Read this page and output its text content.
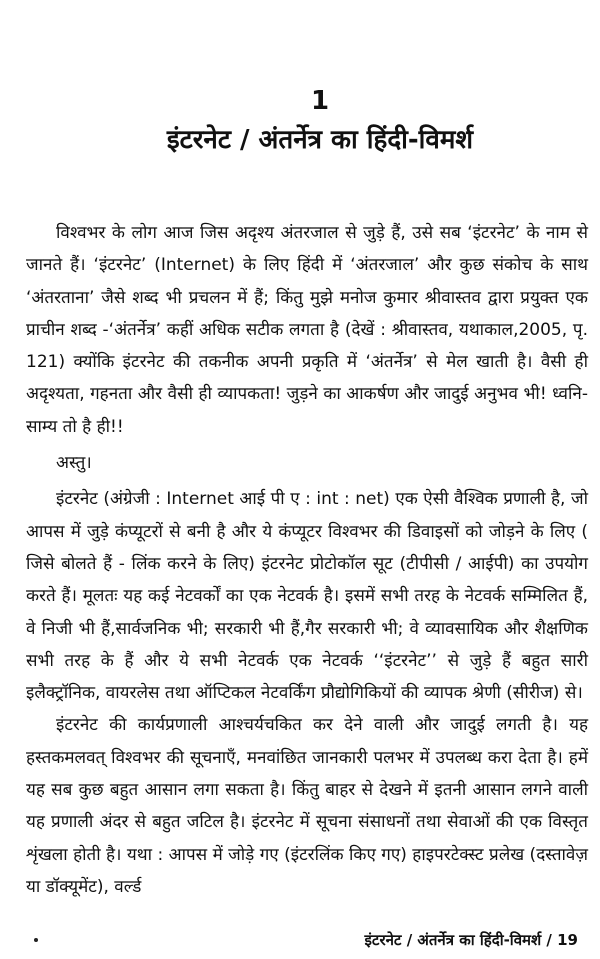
1
इंटरनेट / अंतर्नेत्र का हिंदी-विमर्श

विश्वभर के लोग आज जिस अदृश्य अंतरजाल से जुड़े हैं, उसे सब ‘इंटरनेट’ के नाम से जानते हैं। ‘इंटरनेट’ (Internet) के लिए हिंदी में ‘अंतरजाल’ और कुछ संकोच के साथ ‘अंतरताना’ जैसे शब्द भी प्रचलन में हैं; किंतु मुझे मनोज कुमार श्रीवास्तव द्वारा प्रयुक्त एक प्राचीन शब्द -‘अंतर्नेत्र’ कहीं अधिक सटीक लगता है (देखें : श्रीवास्तव, यथाकाल,2005, पृ. 121) क्योंकि इंटरनेट की तकनीक अपनी प्रकृति में ‘अंतर्नेत्र’ से मेल खाती है। वैसी ही अदृश्यता, गहनता और वैसी ही व्यापकता! जुड़ने का आकर्षण और जादुई अनुभव भी! ध्वनि-साम्य तो है ही!!

अस्तु।

इंटरनेट (अंग्रेजी : Internet आई पी ए : int : net) एक ऐसी वैश्विक प्रणाली है, जो आपस में जुड़े कंप्यूटरों से बनी है और ये कंप्यूटर विश्वभर की डिवाइसों को जोड़ने के लिए ( जिसे बोलते हैं - लिंक करने के लिए) इंटरनेट प्रोटोकॉल सूट (टीपीसी / आईपी) का उपयोग करते हैं। मूलतः यह कई नेटवर्कों का एक नेटवर्क है। इसमें सभी तरह के नेटवर्क सम्मिलित हैं, वे निजी भी हैं,सार्वजनिक भी; सरकारी भी हैं,गैर सरकारी भी; वे व्यावसायिक और शैक्षणिक सभी तरह के हैं और ये सभी नेटवर्क एक नेटवर्क ‘‘इंटरनेट’’ से जुड़े हैं बहुत सारी इलैक्ट्रॉनिक, वायरलेस तथा ऑप्टिकल नेटवर्किंग प्रौद्योगिकियों की व्यापक श्रेणी (सीरीज) से।

इंटरनेट की कार्यप्रणाली आश्चर्यचकित कर देने वाली और जादुई लगती है। यह हस्तकमलवत् विश्वभर की सूचनाएँ, मनवांछित जानकारी पलभर में उपलब्ध करा देता है। हमें यह सब कुछ बहुत आसान लगा सकता है। किंतु बाहर से देखने में इतनी आसान लगने वाली यह प्रणाली अंदर से बहुत जटिल है। इंटरनेट में सूचना संसाधनों तथा सेवाओं की एक विस्तृत शृंखला होती है। यथा : आपस में जोड़े गए (इंटरलिंक किए गए) हाइपरटेक्स्ट प्रलेख (दस्तावेज़ या डॉक्यूमेंट), वर्ल्ड

इंटरनेट / अंतर्नेत्र का हिंदी-विमर्श / 19
